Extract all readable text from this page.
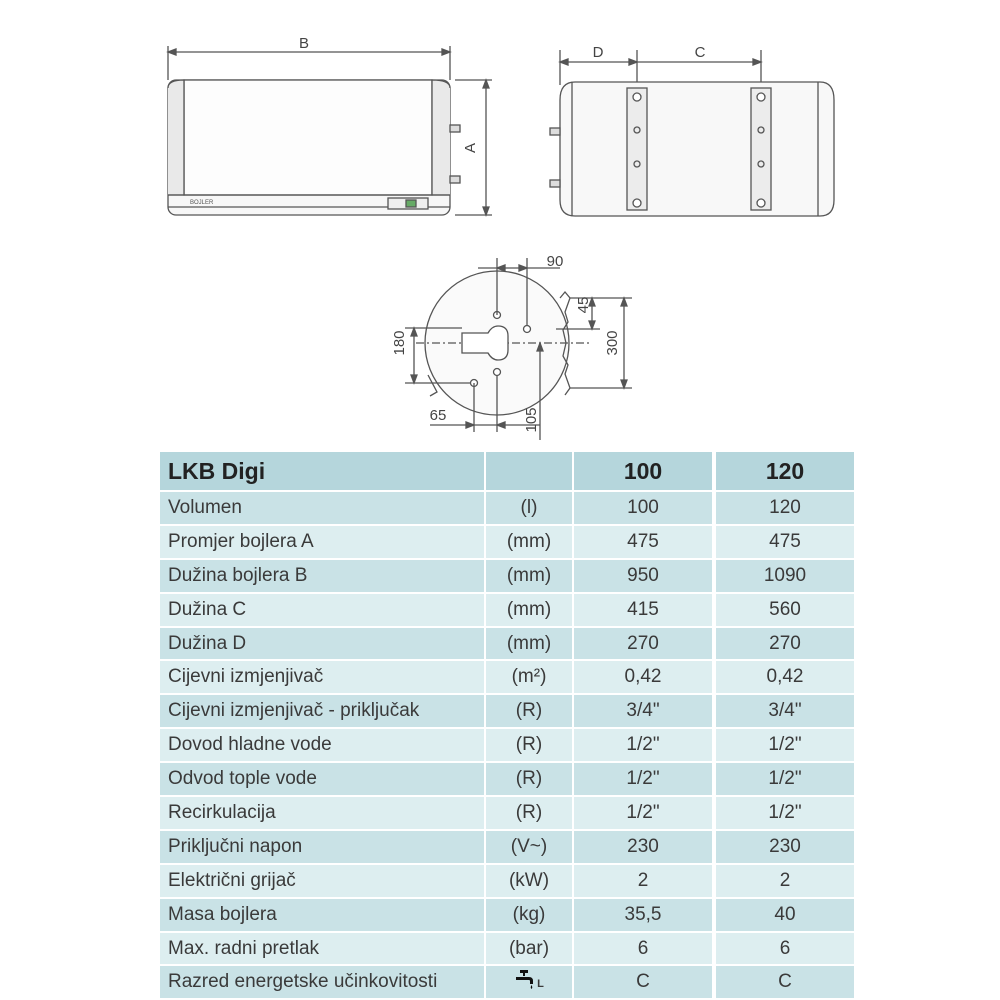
BOJLER
B
A
D	C
90
45
180	300
65	105
LKB Digi		100	120
Volumen	(l)	100	120
Promjer bojlera A	(mm)	475	475
Dužina bojlera B	(mm)	950	1090
Dužina C	(mm)	415	560
Dužina D	(mm)	270	270
Cijevni izmjenjivač	(m²)	0,42	0,42
Cijevni izmjenjivač - priključak	(R)	3/4"	3/4"
Dovod hladne vode	(R)	1/2"	1/2"
Odvod tople vode	(R)	1/2"	1/2"
Recirkulacija	(R)	1/2"	1/2"
Priključni napon	(V~)	230	230
Električni grijač	(kW)	2	2
Masa bojlera	(kg)	35,5	40
Max. radni pretlak	(bar)	6	6
Razred energetske učinkovitosti	L	C	C
